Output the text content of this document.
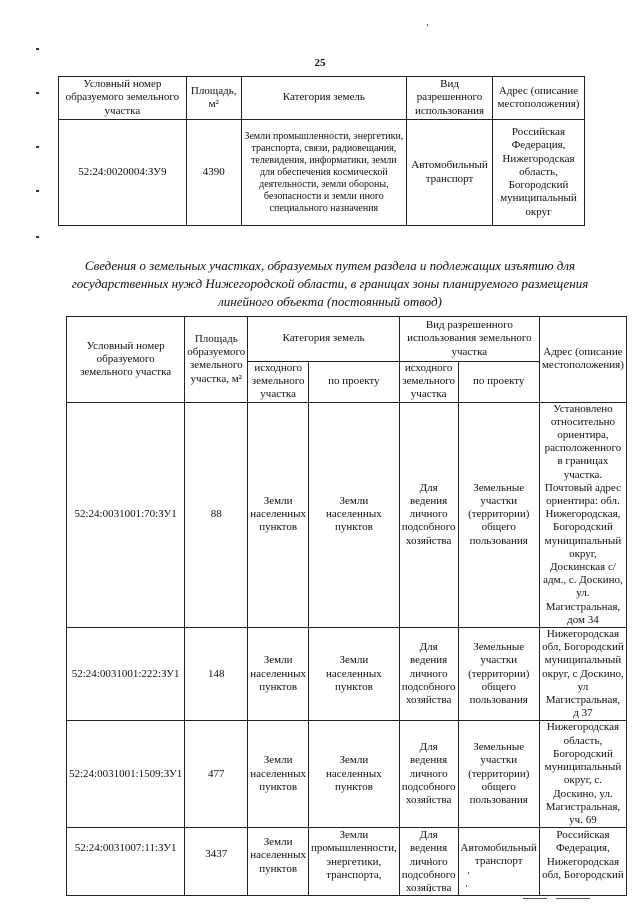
25
Условный номер образуемого земельного участка	Площадь, м²	Категория земель	Вид разрешенного использования	Адрес (описание местоположения)
52:24:0020004:ЗУ9	4390	Земли промышленности, энергетики, транспорта, связи, радиовещания, телевидения, информатики, земли для обеспечения космической деятельности, земли обороны, безопасности и земли иного специального назначения	Автомобильный транспорт	Российская Федерация, Нижегородская область, Богородский муниципальный округ
Сведения о земельных участках, образуемых путем раздела и подлежащих изъятию для государственных нужд Нижегородской области, в границах зоны планируемого размещения линейного объекта (постоянный отвод)
Условный номер образуемого земельного участка	Площадь образуемого земельного участка, м²	Категория земель		Вид разрешенного использования земельного участка		Адрес (описание местоположения)
		исходного земельного участка	по проекту	исходного земельного участка	по проекту	
52:24:0031001:70:ЗУ1	88	Земли населенных пунктов	Земли населенных пунктов	Для ведения личного подсобного хозяйства	Земельные участки (территории) общего пользования	Установлено относительно ориентира, расположенного в границах участка. Почтовый адрес ориентира: обл. Нижегородская, Богородский муниципальный округ, Доскинская с/адм., с. Доскино, ул. Магистральная, дом 34
52:24:0031001:222:ЗУ1	148	Земли населенных пунктов	Земли населенных пунктов	Для ведения личного подсобного хозяйства	Земельные участки (территории) общего пользования	Нижегородская обл, Богородский муниципальный округ, с Доскино, ул Магистральная, д 37
52:24:0031001:1509:ЗУ1	477	Земли населенных пунктов	Земли населенных пунктов	Для ведения личного подсобного хозяйства	Земельные участки (территории) общего пользования	Нижегородская область, Богородский муниципальный округ, с. Доскино, ул. Магистральная, уч. 69
52:24:0031007:11:ЗУ1	3437	Земли населенных пунктов	Земли промышленности, энергетики, транспорта,	Для ведения личного подсобного хозяйства	Автомобильный транспорт	Российская Федерация, Нижегородская обл, Богородский
